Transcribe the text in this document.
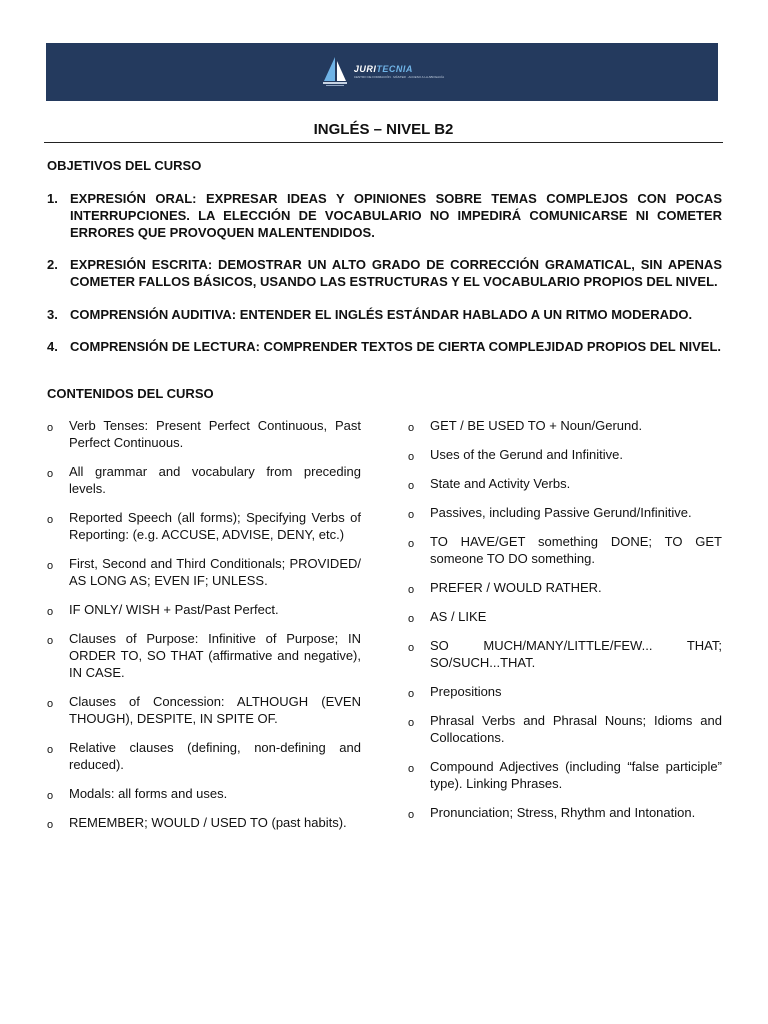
JURITECNIA
CENTRO DE FORMACIÓN · MÁSTER · ACCESO A LA ABOGACÍA
INGLÉS – NIVEL B2
OBJETIVOS DEL CURSO
1. EXPRESIÓN ORAL: EXPRESAR IDEAS Y OPINIONES SOBRE TEMAS COMPLEJOS CON POCAS INTERRUPCIONES. LA ELECCIÓN DE VOCABULARIO NO IMPEDIRÁ COMUNICARSE NI COMETER ERRORES QUE PROVOQUEN MALENTENDIDOS.
2. EXPRESIÓN ESCRITA: DEMOSTRAR UN ALTO GRADO DE CORRECCIÓN GRAMATICAL, SIN APENAS COMETER FALLOS BÁSICOS, USANDO LAS ESTRUCTURAS Y EL VOCABULARIO PROPIOS DEL NIVEL.
3. COMPRENSIÓN AUDITIVA: ENTENDER EL INGLÉS ESTÁNDAR HABLADO A UN RITMO MODERADO.
4. COMPRENSIÓN DE LECTURA: COMPRENDER TEXTOS DE CIERTA COMPLEJIDAD PROPIOS DEL NIVEL.
CONTENIDOS DEL CURSO
o Verb Tenses: Present Perfect Continuous, Past Perfect Continuous.
o All grammar and vocabulary from preceding levels.
o Reported Speech (all forms); Specifying Verbs of Reporting: (e.g. ACCUSE, ADVISE, DENY, etc.)
o First, Second and Third Conditionals; PROVIDED/ AS LONG AS; EVEN IF; UNLESS.
o IF ONLY/ WISH + Past/Past Perfect.
o Clauses of Purpose: Infinitive of Purpose; IN ORDER TO, SO THAT (affirmative and negative), IN CASE.
o Clauses of Concession: ALTHOUGH (EVEN THOUGH), DESPITE, IN SPITE OF.
o Relative clauses (defining, non-defining and reduced).
o Modals: all forms and uses.
o REMEMBER; WOULD / USED TO (past habits).
o GET / BE USED TO + Noun/Gerund.
o Uses of the Gerund and Infinitive.
o State and Activity Verbs.
o Passives, including Passive Gerund/Infinitive.
o TO HAVE/GET something DONE; TO GET someone TO DO something.
o PREFER / WOULD RATHER.
o AS / LIKE
o SO MUCH/MANY/LITTLE/FEW... THAT; SO/SUCH...THAT.
o Prepositions
o Phrasal Verbs and Phrasal Nouns; Idioms and Collocations.
o Compound Adjectives (including “false participle” type). Linking Phrases.
o Pronunciation; Stress, Rhythm and Intonation.
